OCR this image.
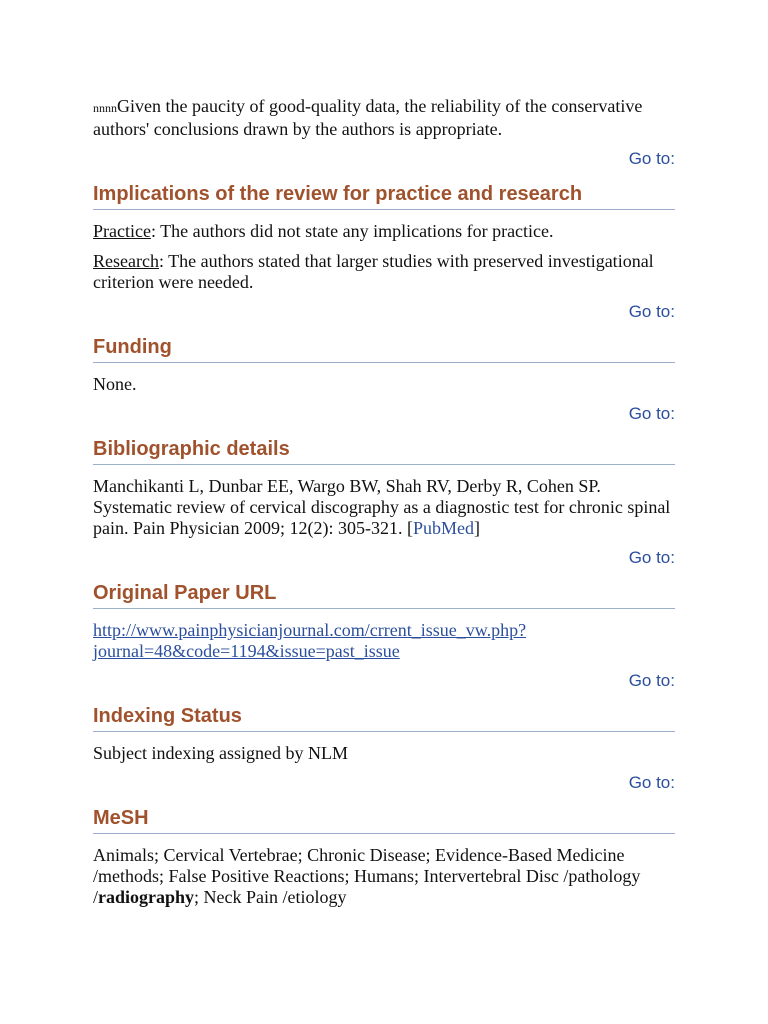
nnnnGiven the paucity of good-quality data, the reliability of the conservative authors' conclusions drawn by the authors is appropriate.

Go to:
Implications of the review for practice and research

Practice: The authors did not state any implications for practice.

Research: The authors stated that larger studies with preserved investigational criterion were needed.

Go to:
Funding

None.

Go to:
Bibliographic details

Manchikanti L, Dunbar EE, Wargo BW, Shah RV, Derby R, Cohen SP. Systematic review of cervical discography as a diagnostic test for chronic spinal pain. Pain Physician 2009; 12(2): 305-321. [PubMed]

Go to:
Original Paper URL

http://www.painphysicianjournal.com/crrent_issue_vw.php?
journal=48&code=1194&issue=past_issue

Go to:
Indexing Status

Subject indexing assigned by NLM

Go to:
MeSH

Animals; Cervical Vertebrae; Chronic Disease; Evidence-Based Medicine /methods; False Positive Reactions; Humans; Intervertebral Disc /pathology /radiography; Neck Pain /etiology
